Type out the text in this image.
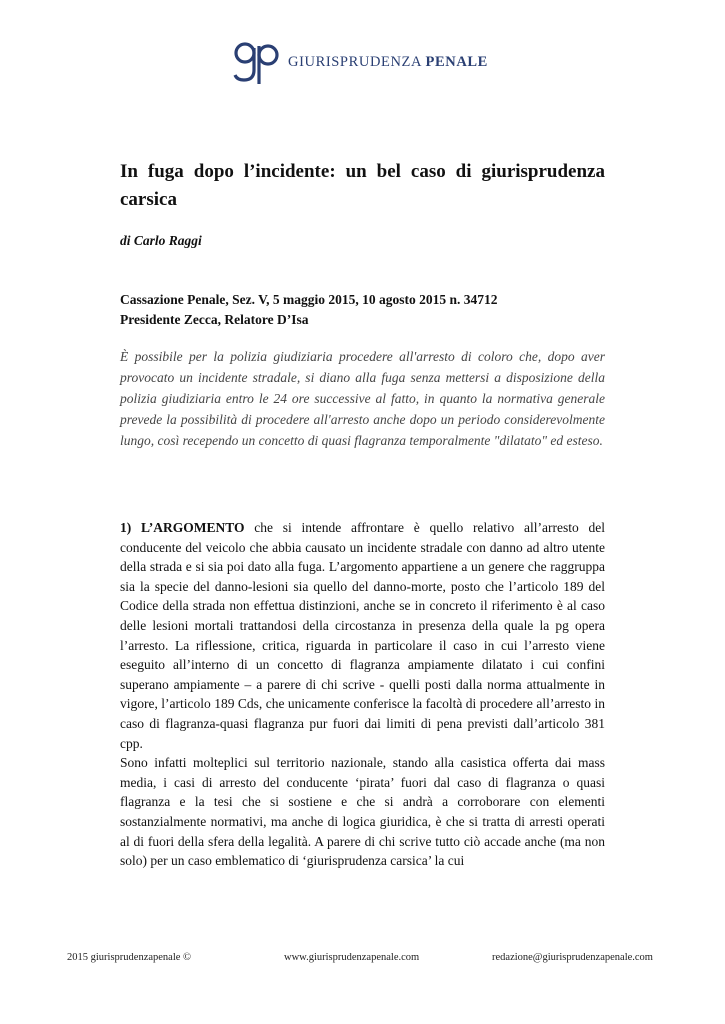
GIURISPRUDENZA PENALE
In fuga dopo l’incidente: un bel caso di giurisprudenza carsica
di Carlo Raggi
Cassazione Penale, Sez. V, 5 maggio 2015, 10 agosto 2015 n. 34712
Presidente Zecca, Relatore D’Isa
È possibile per la polizia giudiziaria procedere all'arresto di coloro che, dopo aver provocato un incidente stradale, si diano alla fuga senza mettersi a disposizione della polizia giudiziaria entro le 24 ore successive al fatto, in quanto la normativa generale prevede la possibilità di procedere all'arresto anche dopo un periodo considerevolmente lungo, così recependo un concetto di quasi flagranza temporalmente "dilatato" ed esteso.

1) L’ARGOMENTO che si intende affrontare è quello relativo all’arresto del conducente del veicolo che abbia causato un incidente stradale con danno ad altro utente della strada e si sia poi dato alla fuga. L’argomento appartiene a un genere che raggruppa sia la specie del danno-lesioni sia quello del danno-morte, posto che l’articolo 189 del Codice della strada non effettua distinzioni, anche se in concreto il riferimento è al caso delle lesioni mortali trattandosi della circostanza in presenza della quale la pg opera l’arresto. La riflessione, critica, riguarda in particolare il caso in cui l’arresto viene eseguito all’interno di un concetto di flagranza ampiamente dilatato i cui confini superano ampiamente – a parere di chi scrive - quelli posti dalla norma attualmente in vigore, l’articolo 189 Cds, che unicamente conferisce la facoltà di procedere all’arresto in caso di flagranza-quasi flagranza pur fuori dai limiti di pena previsti dall’articolo 381 cpp.

Sono infatti molteplici sul territorio nazionale, stando alla casistica offerta dai mass media, i casi di arresto del conducente ‘pirata’ fuori dal caso di flagranza o quasi flagranza e la tesi che si sostiene e che si andrà a corroborare con elementi sostanzialmente normativi, ma anche di logica giuridica, è che si tratta di arresti operati al di fuori della sfera della legalità. A parere di chi scrive tutto ciò accade anche (ma non solo) per un caso emblematico di ‘giurisprudenza carsica’ la cui

2015 giurisprudenzapenale ©	www.giurisprudenzapenale.com	redazione@giurisprudenzapenale.com
